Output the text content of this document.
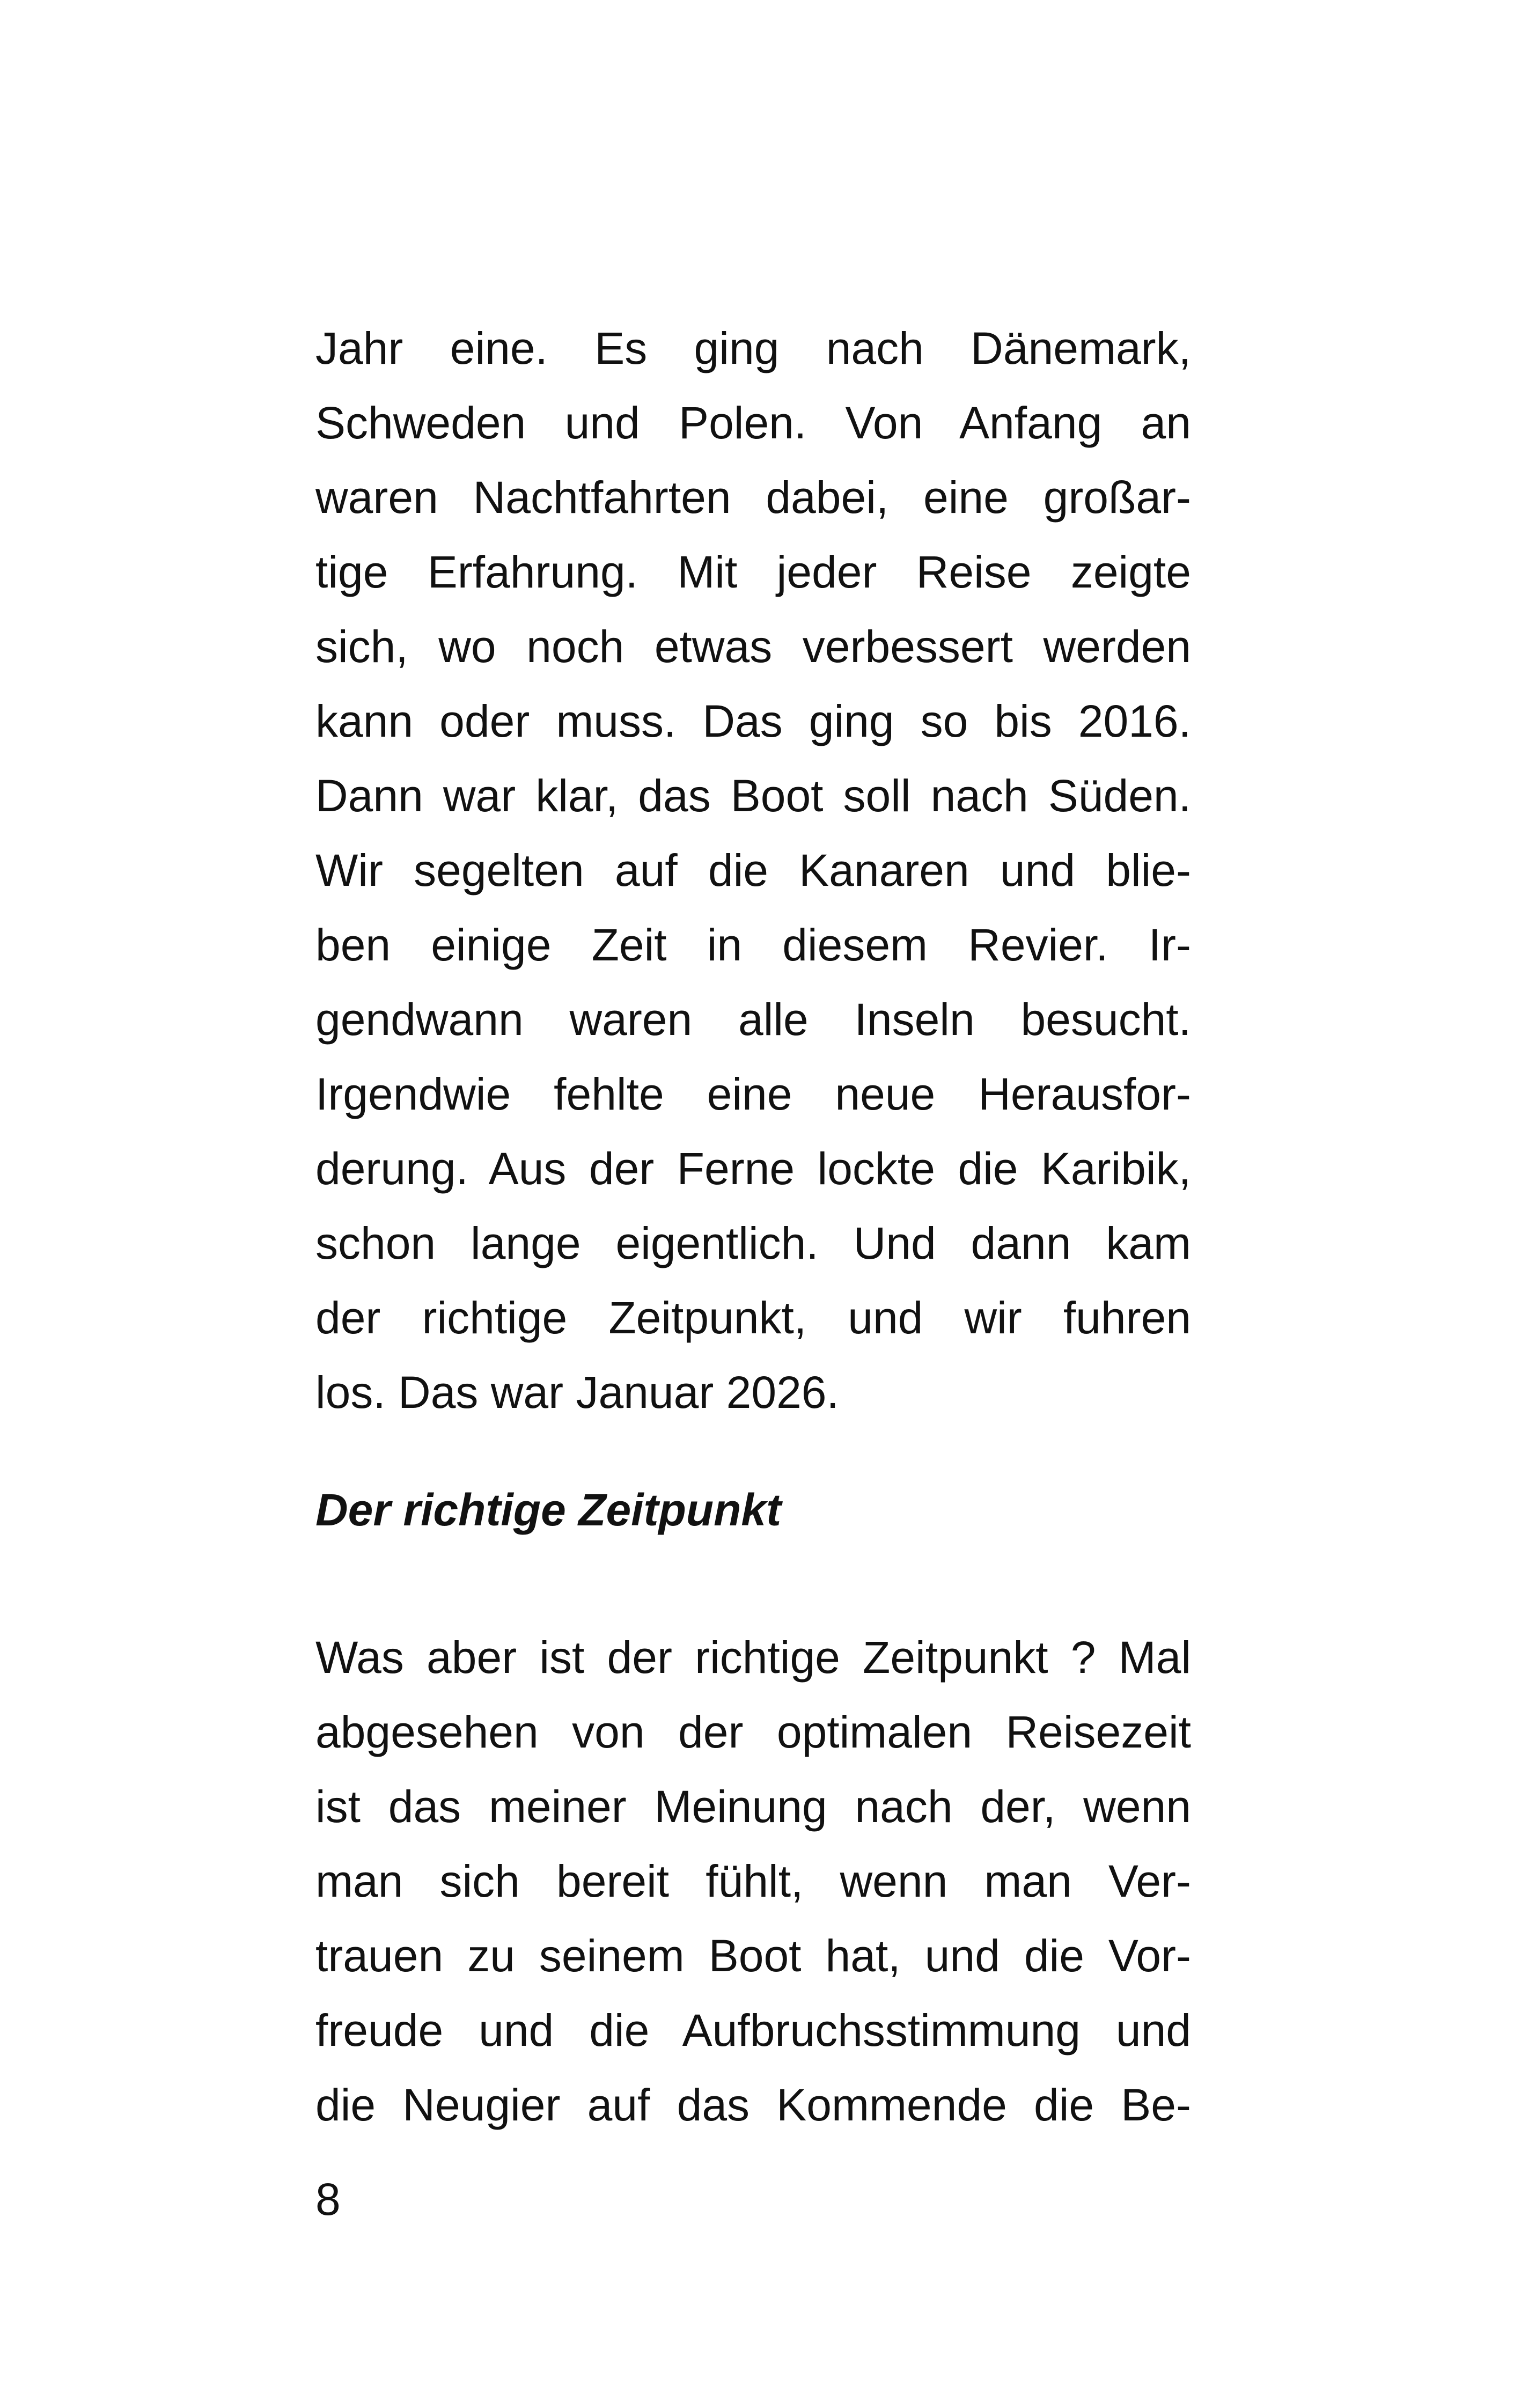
Jahr eine. Es ging nach Dänemark,
Schweden und Polen. Von Anfang an
waren Nachtfahrten dabei, eine großar-
tige Erfahrung. Mit jeder Reise zeigte
sich, wo noch etwas verbessert werden
kann oder muss. Das ging so bis 2016.
Dann war klar, das Boot soll nach Süden.
Wir segelten auf die Kanaren und blie-
ben einige Zeit in diesem Revier. Ir-
gendwann waren alle Inseln besucht.
Irgendwie fehlte eine neue Herausfor-
derung. Aus der Ferne lockte die Karibik,
schon lange eigentlich. Und dann kam
der richtige Zeitpunkt, und wir fuhren
los. Das war Januar 2026.
Der richtige Zeitpunkt
Was aber ist der richtige Zeitpunkt ? Mal
abgesehen von der optimalen Reisezeit
ist das meiner Meinung nach der, wenn
man sich bereit fühlt, wenn man Ver-
trauen zu seinem Boot hat, und die Vor-
freude und die Aufbruchsstimmung und
die Neugier auf das Kommende die Be-
8
